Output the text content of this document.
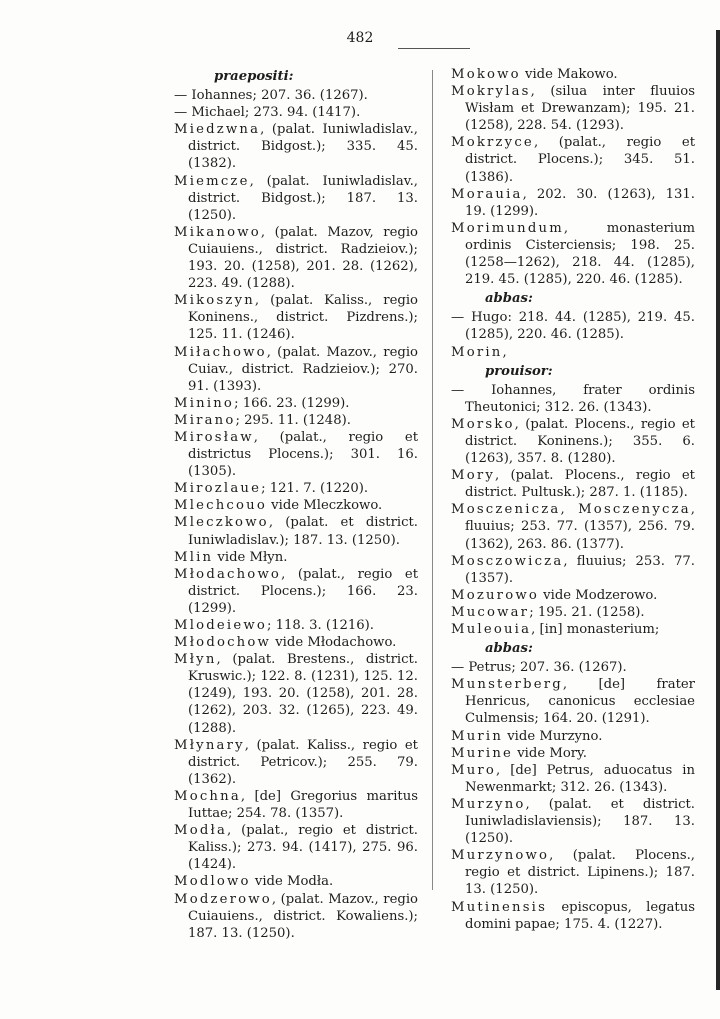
482

praepositi:

— Iohannes; 207. 36. (1267).

— Michael; 273. 94. (1417).

Miedzwna, (palat. Iuniwladislav., district. Bidgost.); 335. 45. (1382).

Miemcze, (palat. Iuniwladislav., district. Bidgost.); 187. 13. (1250).

Mikanowo, (palat. Mazov, regio Cuiauiens., district. Radzieiov.); 193. 20. (1258), 201. 28. (1262), 223. 49. (1288).

Mikoszyn, (palat. Kaliss., regio Koninens., district. Pizdrens.); 125. 11. (1246).

Miłachowo, (palat. Mazov., regio Cuiav., district. Radzieiov.); 270. 91. (1393).

Minino; 166. 23. (1299).

Mirano; 295. 11. (1248).

Mirosław, (palat., regio et districtus Plocens.); 301. 16. (1305).

Mirozlaue; 121. 7. (1220).

Mlechcouo vide Mleczkowo.

Mleczkowo, (palat. et district. Iuniwladislav.); 187. 13. (1250).

Mlin vide Młyn.

Młodachowo, (palat., regio et district. Plocens.); 166. 23. (1299).

Mlodeiewo; 118. 3. (1216).

Młodochow vide Młodachowo.

Młyn, (palat. Brestens., district. Kruswic.); 122. 8. (1231), 125. 12. (1249), 193. 20. (1258), 201. 28. (1262), 203. 32. (1265), 223. 49. (1288).

Młynary, (palat. Kaliss., regio et district. Petricov.); 255. 79. (1362).

Mochna, [de] Gregorius maritus Iuttae; 254. 78. (1357).

Modła, (palat., regio et district. Kaliss.); 273. 94. (1417), 275. 96. (1424).

Modlowo vide Modła.

Modzerowo, (palat. Mazov., regio Cuiauiens., district. Kowaliens.); 187. 13. (1250).

Mokowo vide Makowo.

Mokrylas, (silua inter fluuios Wisłam et Drewanzam); 195. 21. (1258), 228. 54. (1293).

Mokrzyce, (palat., regio et district. Plocens.); 345. 51. (1386).

Morauia, 202. 30. (1263), 131. 19. (1299).

Morimundum, monasterium ordinis Cisterciensis; 198. 25. (1258—1262), 218. 44. (1285), 219. 45. (1285), 220. 46. (1285).

abbas:

— Hugo: 218. 44. (1285), 219. 45. (1285), 220. 46. (1285).

Morin,

prouisor:

— Iohannes, frater ordinis Theutonici; 312. 26. (1343).

Morsko, (palat. Plocens., regio et district. Koninens.); 355. 6. (1263), 357. 8. (1280).

Mory, (palat. Plocens., regio et district. Pultusk.); 287. 1. (1185).

Mosczenicza, Mosczenycza, fluuius; 253. 77. (1357), 256. 79. (1362), 263. 86. (1377).

Mosczowicza, fluuius; 253. 77. (1357).

Mozurowo vide Modzerowo.

Mucowar; 195. 21. (1258).

Muleouia, [in] monasterium;

abbas:

— Petrus; 207. 36. (1267).

Munsterberg, [de] frater Henricus, canonicus ecclesiae Culmensis; 164. 20. (1291).

Murin vide Murzyno.

Murine vide Mory.

Muro, [de] Petrus, aduocatus in Newenmarkt; 312. 26. (1343).

Murzyno, (palat. et district. Iuniwladislaviensis); 187. 13. (1250).

Murzynowo, (palat. Plocens., regio et district. Lipinens.); 187. 13. (1250).

Mutinensis episcopus, legatus domini papae; 175. 4. (1227).
